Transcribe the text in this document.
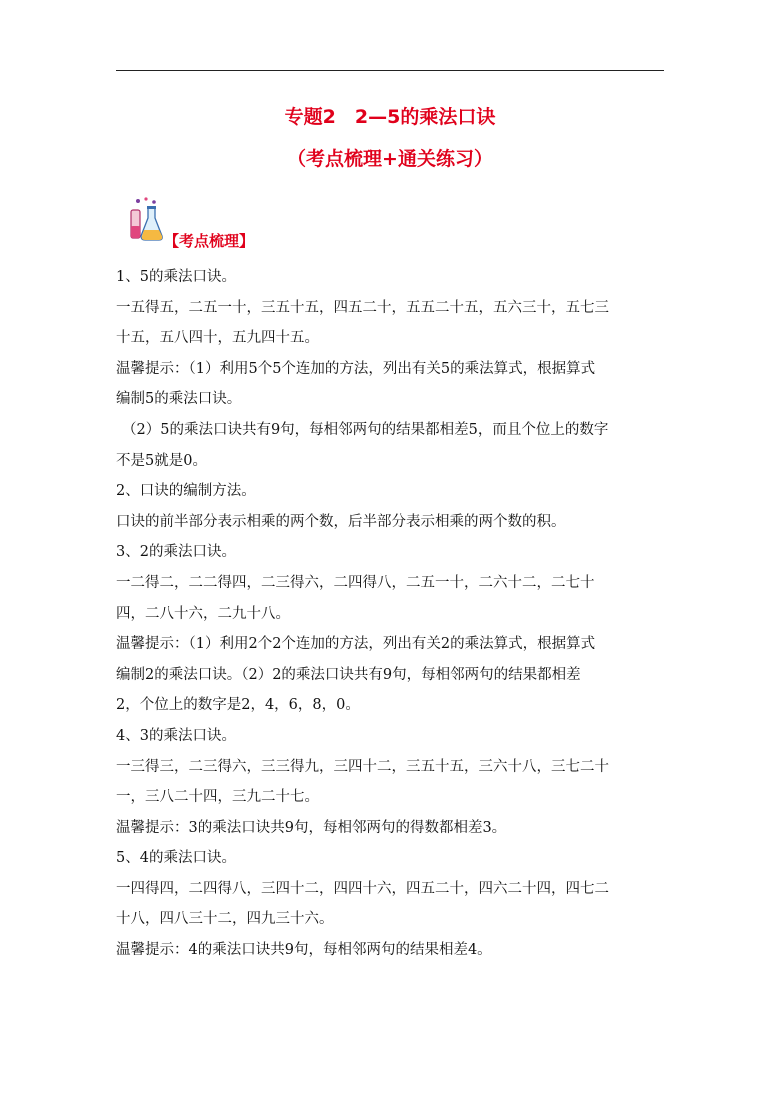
专题2　2—5的乘法口诀
（考点梳理+通关练习）
【考点梳理】

1、5的乘法口诀。

一五得五，二五一十，三五十五，四五二十，五五二十五，五六三十，五七三

十五，五八四十，五九四十五。

温馨提示：（1）利用5个5个连加的方法，列出有关5的乘法算式，根据算式

编制5的乘法口诀。

（2）5的乘法口诀共有9句，每相邻两句的结果都相差5，而且个位上的数字

不是5就是0。

2、口诀的编制方法。

口诀的前半部分表示相乘的两个数，后半部分表示相乘的两个数的积。

3、2的乘法口诀。

一二得二，二二得四，二三得六，二四得八，二五一十，二六十二，二七十

四，二八十六，二九十八。

温馨提示：（1）利用2个2个连加的方法，列出有关2的乘法算式，根据算式

编制2的乘法口诀。（2）2的乘法口诀共有9句，每相邻两句的结果都相差

2，个位上的数字是2，4，6，8，0。

4、3的乘法口诀。

一三得三，二三得六，三三得九，三四十二，三五十五，三六十八，三七二十

一，三八二十四，三九二十七。

温馨提示：3的乘法口诀共9句，每相邻两句的得数都相差3。

5、4的乘法口诀。

一四得四，二四得八，三四十二，四四十六，四五二十，四六二十四，四七二

十八，四八三十二，四九三十六。

温馨提示：4的乘法口诀共9句，每相邻两句的结果相差4。
